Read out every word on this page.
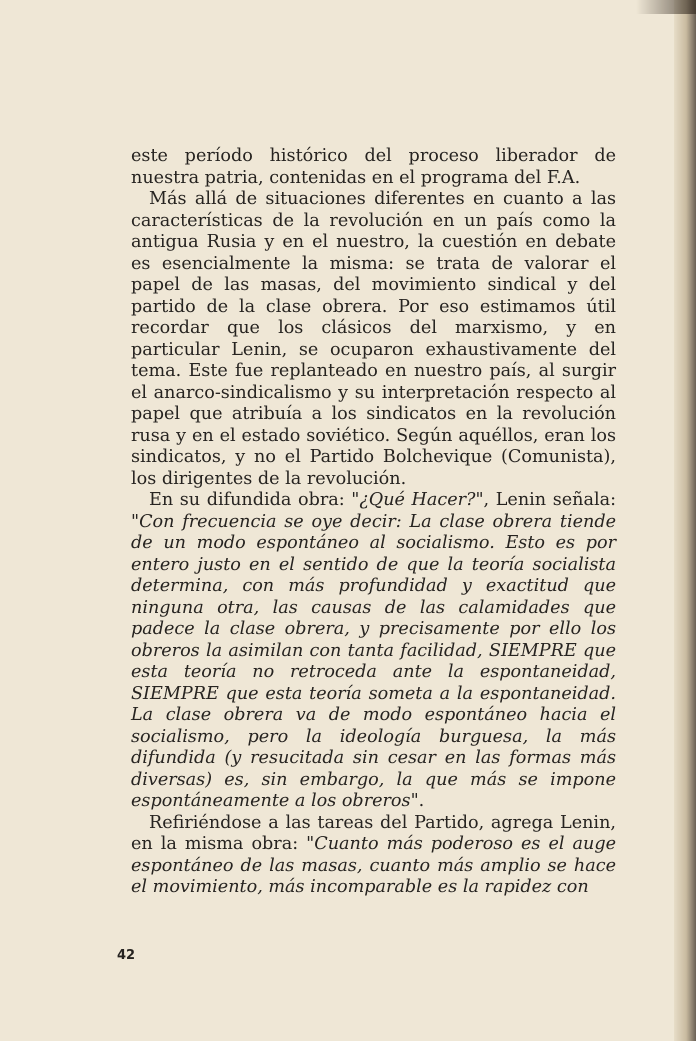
este período histórico del proceso liberador de nuestra patria, contenidas en el programa del F.A.

Más allá de situaciones diferentes en cuanto a las características de la revolución en un país como la antigua Rusia y en el nuestro, la cuestión en debate es esencialmente la misma: se trata de valorar el papel de las masas, del movimiento sindical y del partido de la clase obrera. Por eso estimamos útil recordar que los clásicos del marxismo, y en particular Lenin, se ocuparon exhaustivamente del tema. Este fue replanteado en nuestro país, al surgir el anarco-sindicalismo y su interpretación respecto al papel que atribuía a los sindicatos en la revolución rusa y en el estado soviético. Según aquéllos, eran los sindicatos, y no el Partido Bolchevique (Comunista), los dirigentes de la revolución.

En su difundida obra: "¿Qué Hacer?", Lenin señala: "Con frecuencia se oye decir: La clase obrera tiende de un modo espontáneo al socialismo. Esto es por entero justo en el sentido de que la teoría socialista determina, con más profundidad y exactitud que ninguna otra, las causas de las calamidades que padece la clase obrera, y precisamente por ello los obreros la asimilan con tanta facilidad, SIEMPRE que esta teoría no retroceda ante la espontaneidad, SIEMPRE que esta teoría someta a la espontaneidad. La clase obrera va de modo espontáneo hacia el socialismo, pero la ideología burguesa, la más difundida (y resucitada sin cesar en las formas más diversas) es, sin embargo, la que más se impone espontáneamente a los obreros".

Refiriéndose a las tareas del Partido, agrega Lenin, en la misma obra: "Cuanto más poderoso es el auge espontáneo de las masas, cuanto más amplio se hace el movimiento, más incomparable es la rapidez con

42
